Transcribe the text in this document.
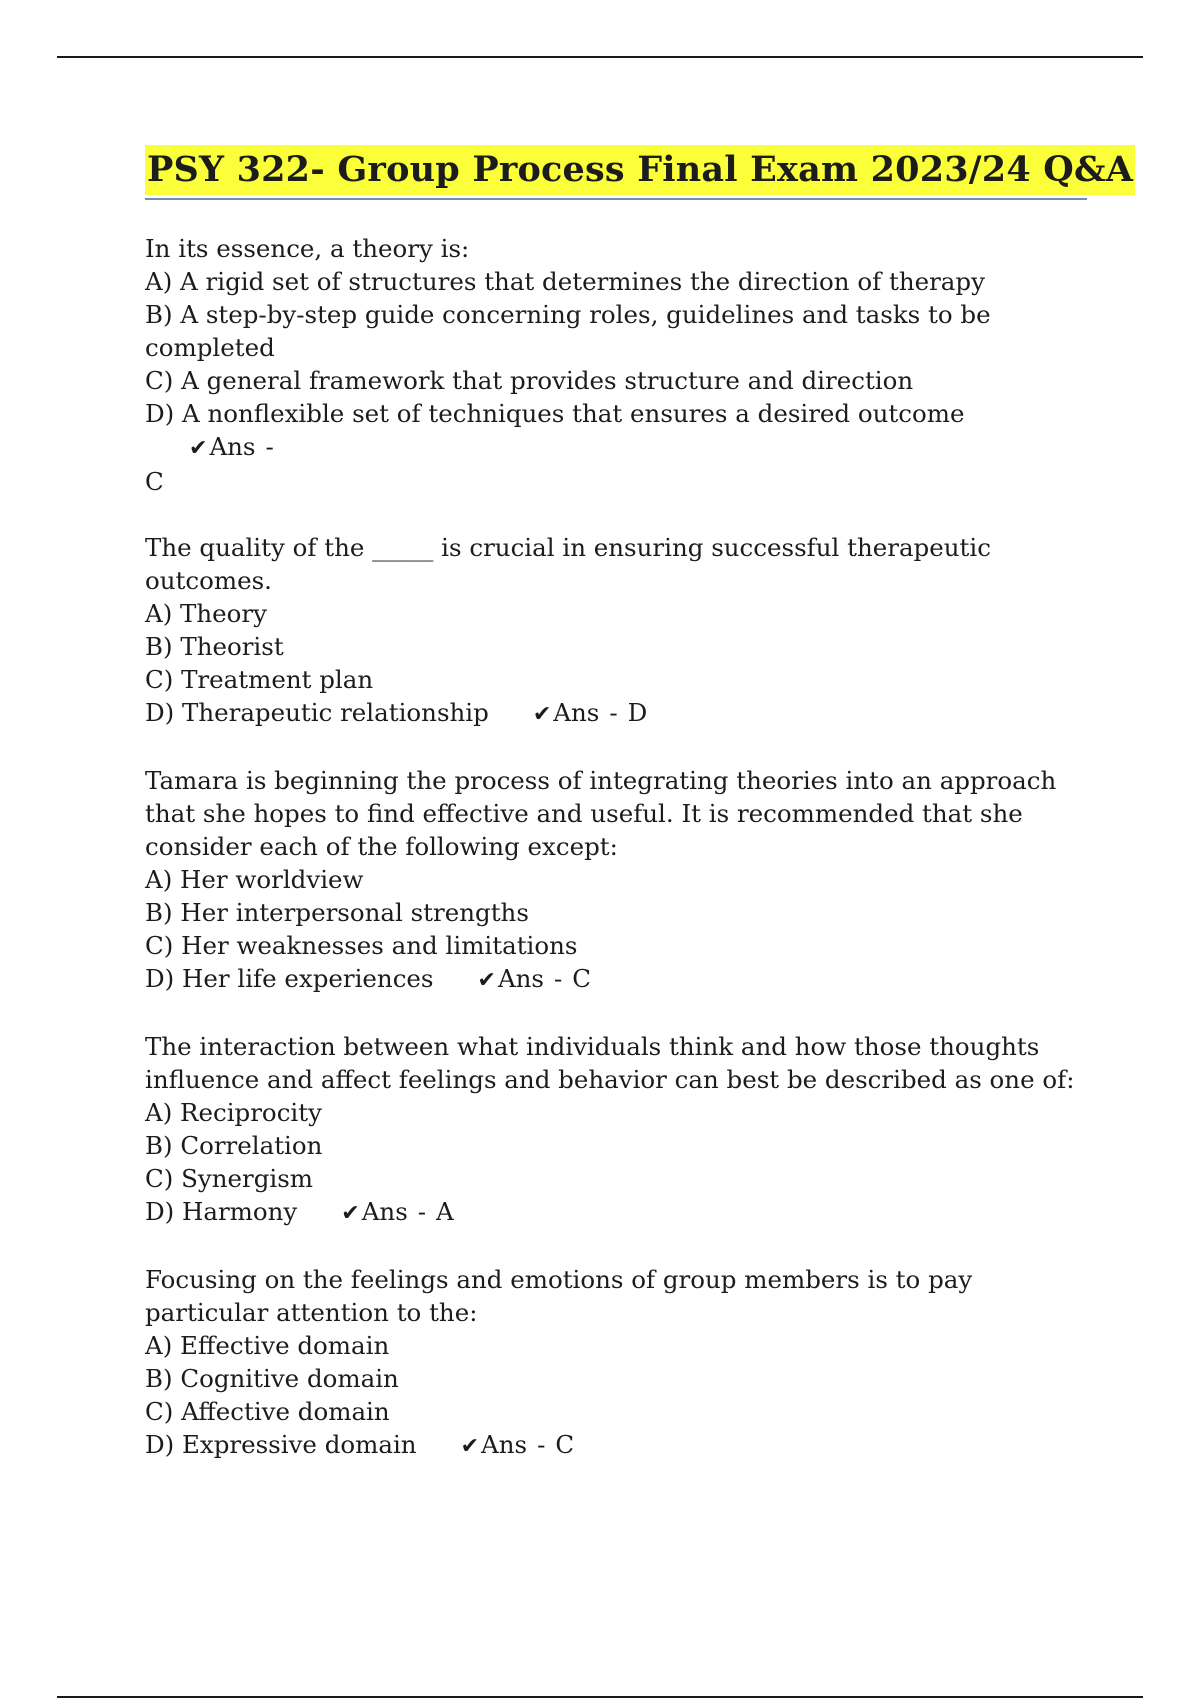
PSY 322- Group Process Final Exam 2023/24 Q&A
In its essence, a theory is:
A) A rigid set of structures that determines the direction of therapy
B) A step-by-step guide concerning roles, guidelines and tasks to be completed
C) A general framework that provides structure and direction
D) A nonflexible set of techniques that ensures a desired outcome✔Ans -
C
The quality of the _____ is crucial in ensuring successful therapeutic outcomes.
A) Theory
B) Theorist
C) Treatment plan
D) Therapeutic relationship ✔Ans - D
Tamara is beginning the process of integrating theories into an approach that she hopes to find effective and useful. It is recommended that she consider each of the following except:
A) Her worldview
B) Her interpersonal strengths
C) Her weaknesses and limitations
D) Her life experiences ✔Ans - C
The interaction between what individuals think and how those thoughts influence and affect feelings and behavior can best be described as one of:
A) Reciprocity
B) Correlation
C) Synergism
D) Harmony ✔Ans - A
Focusing on the feelings and emotions of group members is to pay particular attention to the:
A) Effective domain
B) Cognitive domain
C) Affective domain
D) Expressive domain ✔Ans - C
